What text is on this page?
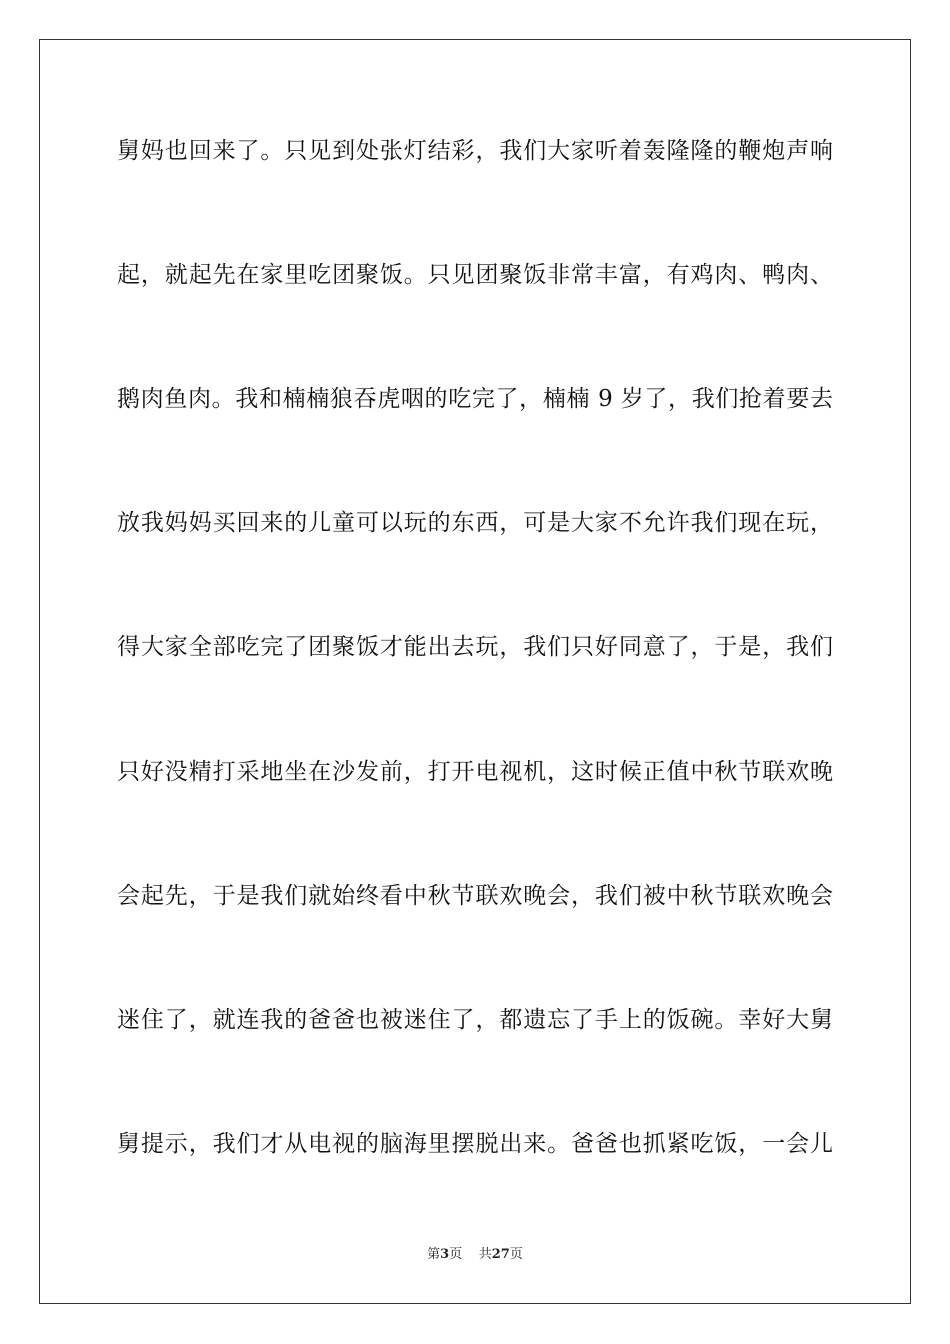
舅妈也回来了。只见到处张灯结彩，我们大家听着轰隆隆的鞭炮声响
起，就起先在家里吃团聚饭。只见团聚饭非常丰富，有鸡肉、鸭肉、
鹅肉鱼肉。我和楠楠狼吞虎咽的吃完了，楠楠 9 岁了，我们抢着要去
放我妈妈买回来的儿童可以玩的东西，可是大家不允许我们现在玩，
得大家全部吃完了团聚饭才能出去玩，我们只好同意了，于是，我们
只好没精打采地坐在沙发前，打开电视机，这时候正值中秋节联欢晚
会起先，于是我们就始终看中秋节联欢晚会，我们被中秋节联欢晚会
迷住了，就连我的爸爸也被迷住了，都遗忘了手上的饭碗。幸好大舅
舅提示，我们才从电视的脑海里摆脱出来。爸爸也抓紧吃饭，一会儿
第3页 共27页
